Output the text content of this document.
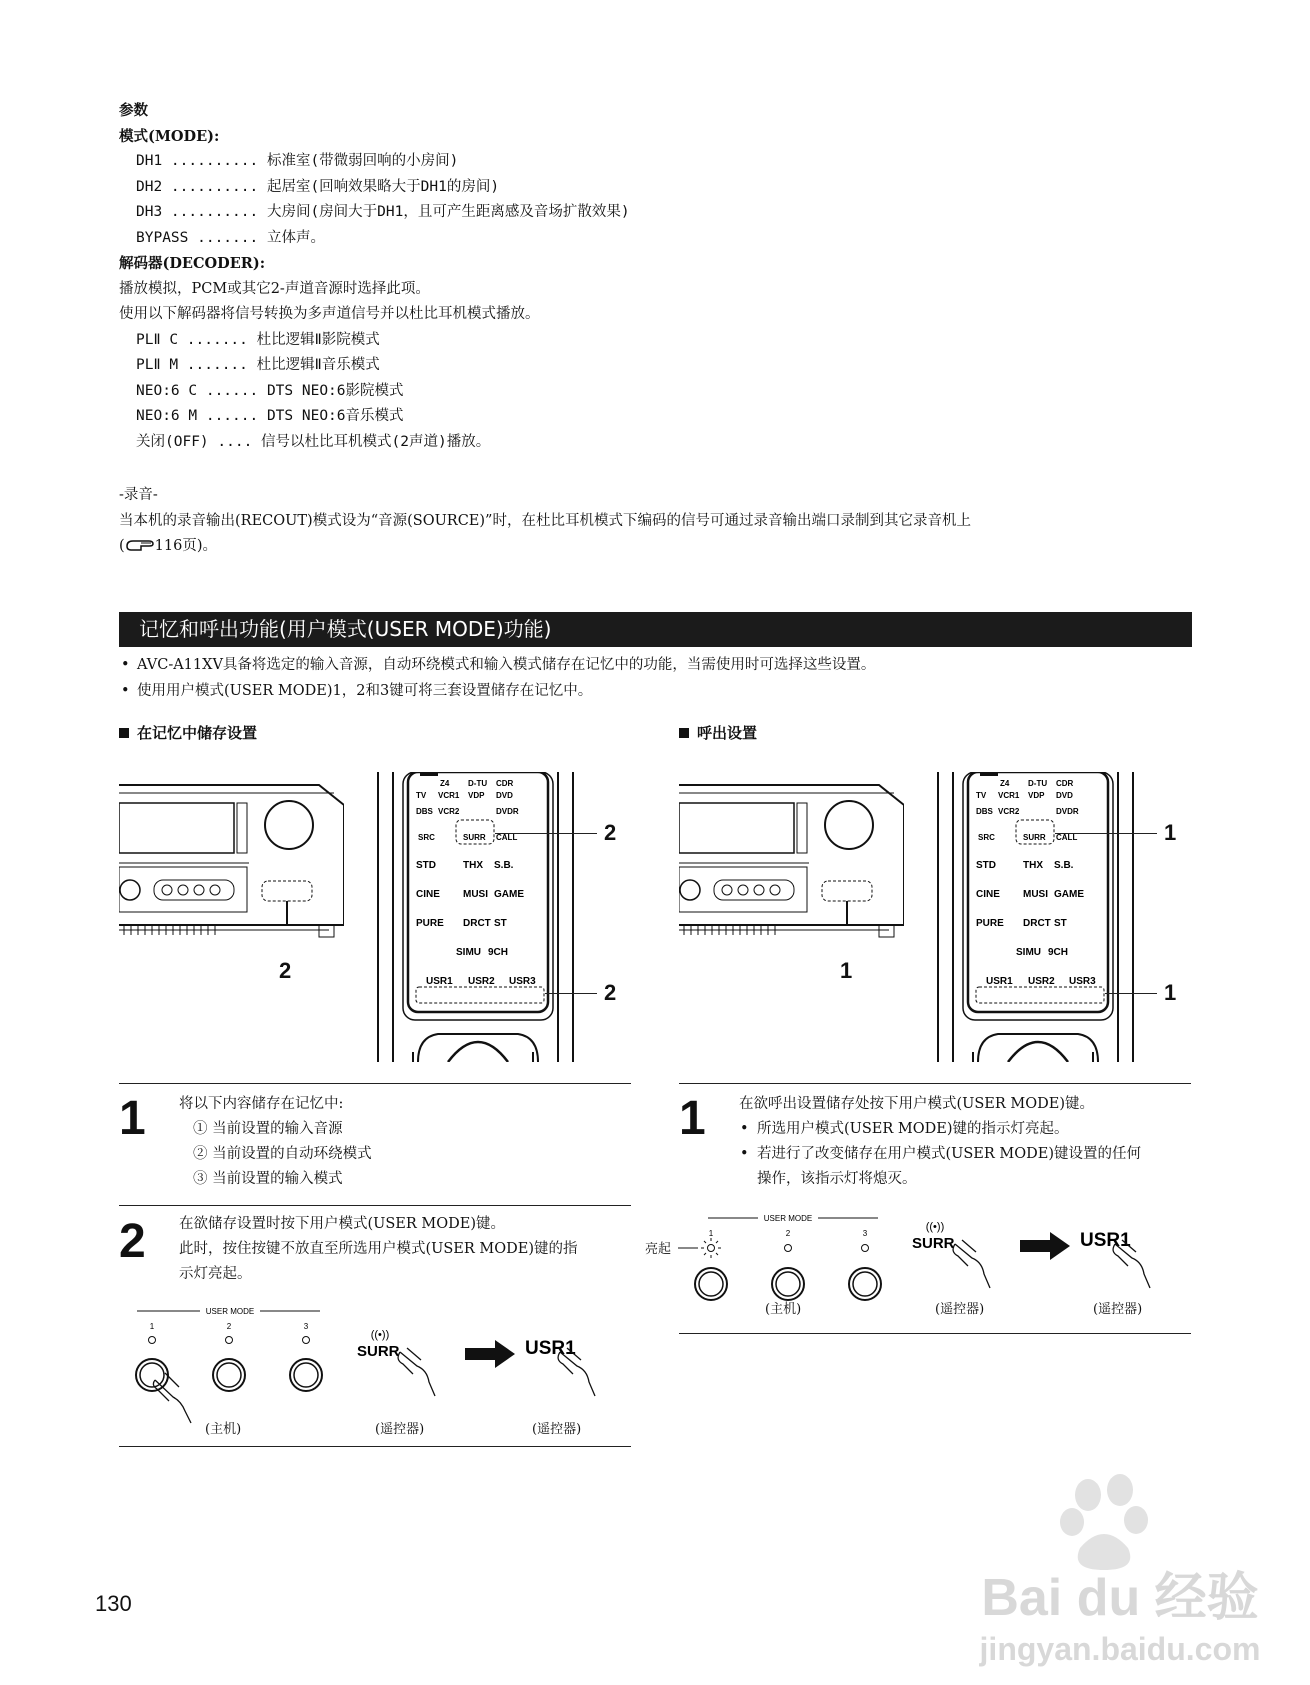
参数
模式(MODE):
DH1 .......... 标准室(带微弱回响的小房间)
DH2 .......... 起居室(回响效果略大于DH1的房间)
DH3 .......... 大房间(房间大于DH1，且可产生距离感及音场扩散效果)
BYPASS ....... 立体声。
解码器(DECODER):
播放模拟，PCM或其它2-声道音源时选择此项。
使用以下解码器将信号转换为多声道信号并以杜比耳机模式播放。
PLⅡ C ....... 杜比逻辑Ⅱ影院模式
PLⅡ M ....... 杜比逻辑Ⅱ音乐模式
NEO:6 C ...... DTS NEO:6影院模式
NEO:6 M ...... DTS NEO:6音乐模式
关闭(OFF) .... 信号以杜比耳机模式(2声道)播放。
-录音-
当本机的录音输出(RECOUT)模式设为“音源(SOURCE)”时，在杜比耳机模式下编码的信号可通过录音输出端口录制到其它录音机上
( 116页)。
记忆和呼出功能(用户模式(USER MODE)功能)
• AVC-A11XV具备将选定的输入音源，自动环绕模式和输入模式储存在记忆中的功能，当需使用时可选择这些设置。
• 使用用户模式(USER MODE)1，2和3键可将三套设置储存在记忆中。
在记忆中储存设置	呼出设置
2
Z4 D-TU CDR
TV VCR1 VDP DVD
DBS VCR2	DVDR
SRC	SURR CALL
STD	THX S.B.
CINE MUSI GAME
PURE DRCT ST
SIMU 9CH
USR1 USR2 USR3
2
2
1
Z4 D-TU CDR
TV VCR1 VDP DVD
DBS VCR2	DVDR
SRC	SURR CALL
STD	THX S.B.
CINE MUSI GAME
PURE DRCT ST
SIMU 9CH
USR1 USR2 USR3
1
1
1 将以下内容储存在记忆中:
① 当前设置的输入音源
② 当前设置的自动环绕模式
③ 当前设置的输入模式
2 在欲储存设置时按下用户模式(USER MODE)键。
此时，按住按键不放直至所选用户模式(USER MODE)键的指
示灯亮起。
USER MODE
1	2	3
((•))
SURR	USR1
(主机)	(遥控器)	(遥控器)
1 在欲呼出设置储存处按下用户模式(USER MODE)键。
• 所选用户模式(USER MODE)键的指示灯亮起。
• 若进行了改变储存在用户模式(USER MODE)键设置的任何
操作，该指示灯将熄灭。
亮起
USER MODE
1	2	3
((•))
SURR	USR1
(主机)	(遥控器)	(遥控器)
130	Bai du 经验
jingyan.baidu.com
